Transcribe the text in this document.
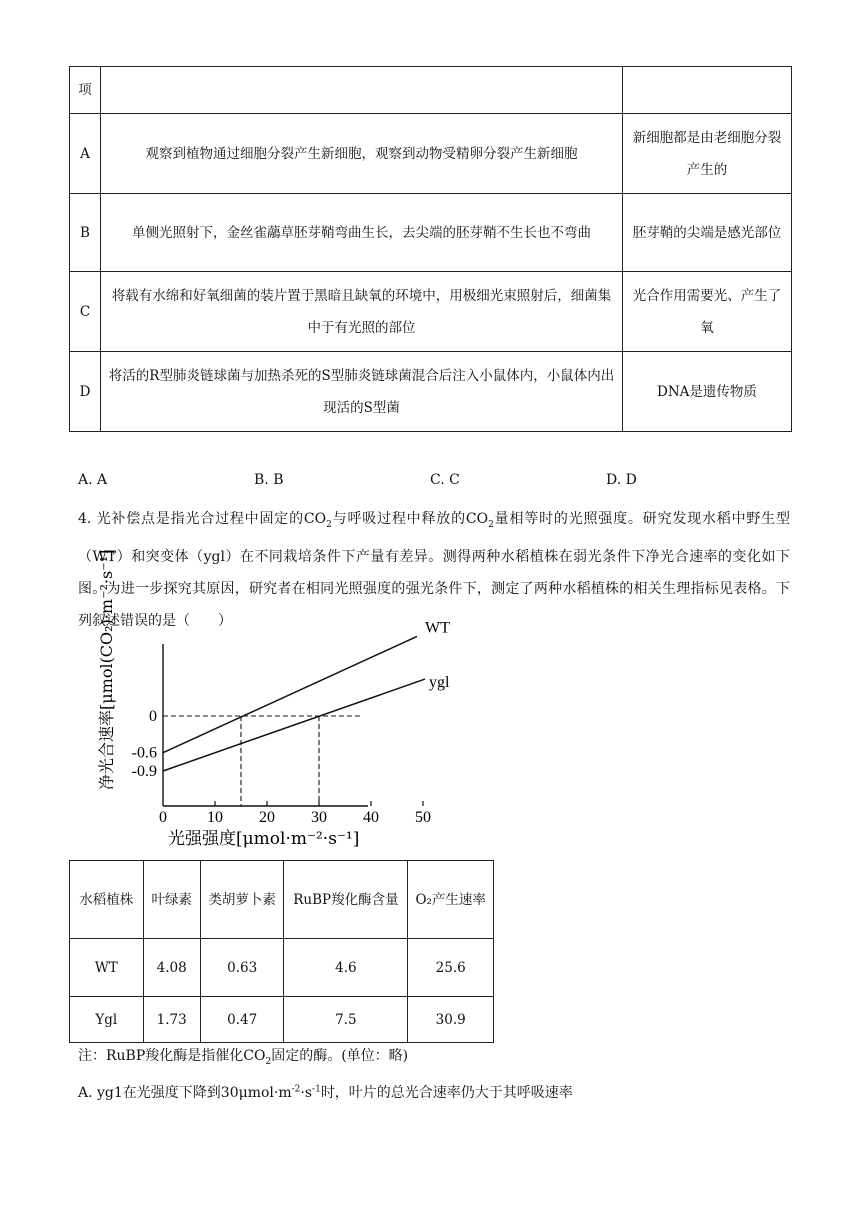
项		
A	观察到植物通过细胞分裂产生新细胞，观察到动物受精卵分裂产生新细胞	新细胞都是由老细胞分裂产生的
B	单侧光照射下，金丝雀虉草胚芽鞘弯曲生长，去尖端的胚芽鞘不生长也不弯曲	胚芽鞘的尖端是感光部位
C	将载有水绵和好氧细菌的装片置于黑暗且缺氧的环境中，用极细光束照射后，细菌集中于有光照的部位	光合作用需要光、产生了氧
D	将活的R型肺炎链球菌与加热杀死的S型肺炎链球菌混合后注入小鼠体内，小鼠体内出现活的S型菌	DNA是遗传物质
A. A	B. B	C. C	D. D
4. 光补偿点是指光合过程中固定的$CO_2$与呼吸过程中释放的$CO_2$量相等时的光照强度。研究发现水稻中野生型（WT）和突变体（ygl）在不同栽培条件下产量有差异。测得两种水稻植株在弱光条件下净光合速率的变化如下图。为进一步探究其原因，研究者在相同光照强度的强光条件下，测定了两种水稻植株的相关生理指标见表格。下列叙述错误的是（　　）
0	10 20 30 40 50
0
-0.6
-0.9
WT
ygl
光强强度[μmol·m⁻²·s⁻¹]
净光合速率[μmol(CO₂)·m⁻²·s⁻¹]
水稻植株	叶绿素	类胡萝卜素	RuBP羧化酶含量	O₂产生速率
WT	4.08	0.63	4.6	25.6
Ygl	1.73	0.47	7.5	30.9
注：RuBP羧化酶是指催化$CO_2$固定的酶。(单位：略)
A. yg1在光强度下降到$30\mu mol\cdot m^{-2}\cdot s^{-1}$时，叶片的总光合速率仍大于其呼吸速率
